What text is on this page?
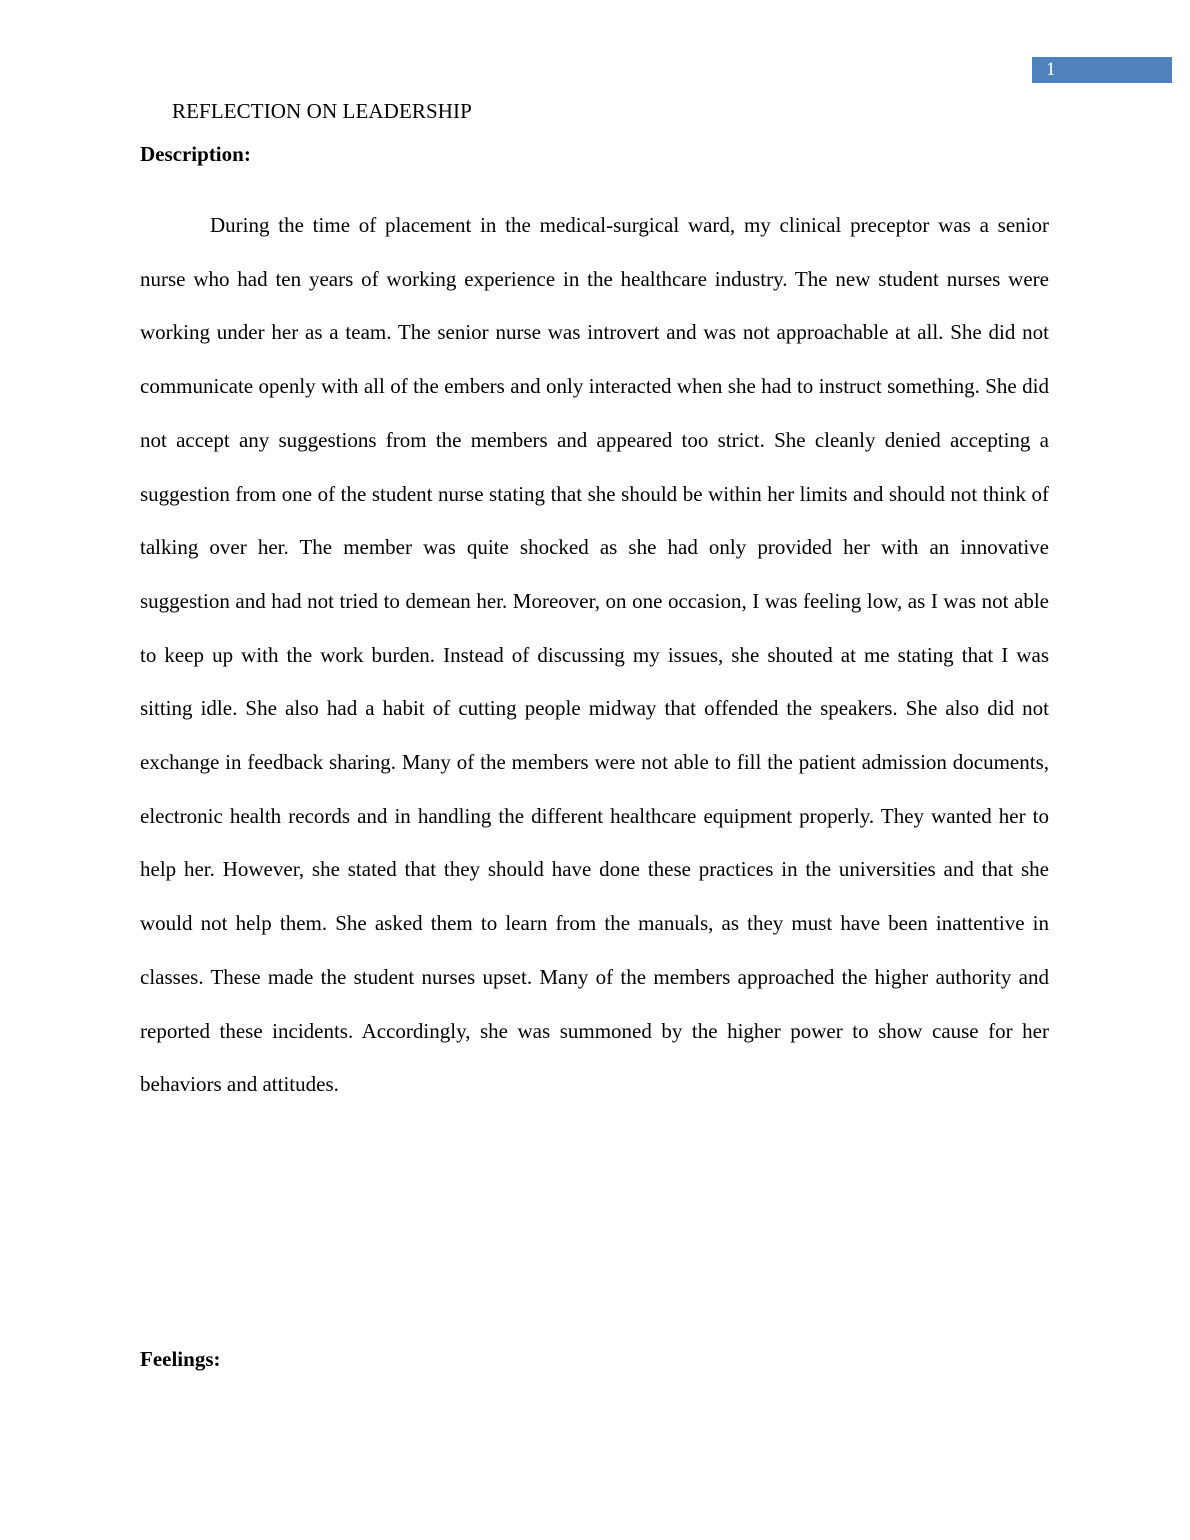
1
REFLECTION ON LEADERSHIP
Description:

During the time of placement in the medical-surgical ward, my clinical preceptor was a senior nurse who had ten years of working experience in the healthcare industry. The new student nurses were working under her as a team. The senior nurse was introvert and was not approachable at all. She did not communicate openly with all of the embers and only interacted when she had to instruct something. She did not accept any suggestions from the members and appeared too strict. She cleanly denied accepting a suggestion from one of the student nurse stating that she should be within her limits and should not think of talking over her. The member was quite shocked as she had only provided her with an innovative suggestion and had not tried to demean her. Moreover, on one occasion, I was feeling low, as I was not able to keep up with the work burden. Instead of discussing my issues, she shouted at me stating that I was sitting idle. She also had a habit of cutting people midway that offended the speakers. She also did not exchange in feedback sharing. Many of the members were not able to fill the patient admission documents, electronic health records and in handling the different healthcare equipment properly. They wanted her to help her. However, she stated that they should have done these practices in the universities and that she would not help them. She asked them to learn from the manuals, as they must have been inattentive in classes. These made the student nurses upset. Many of the members approached the higher authority and reported these incidents. Accordingly, she was summoned by the higher power to show cause for her behaviors and attitudes.

Feelings:
